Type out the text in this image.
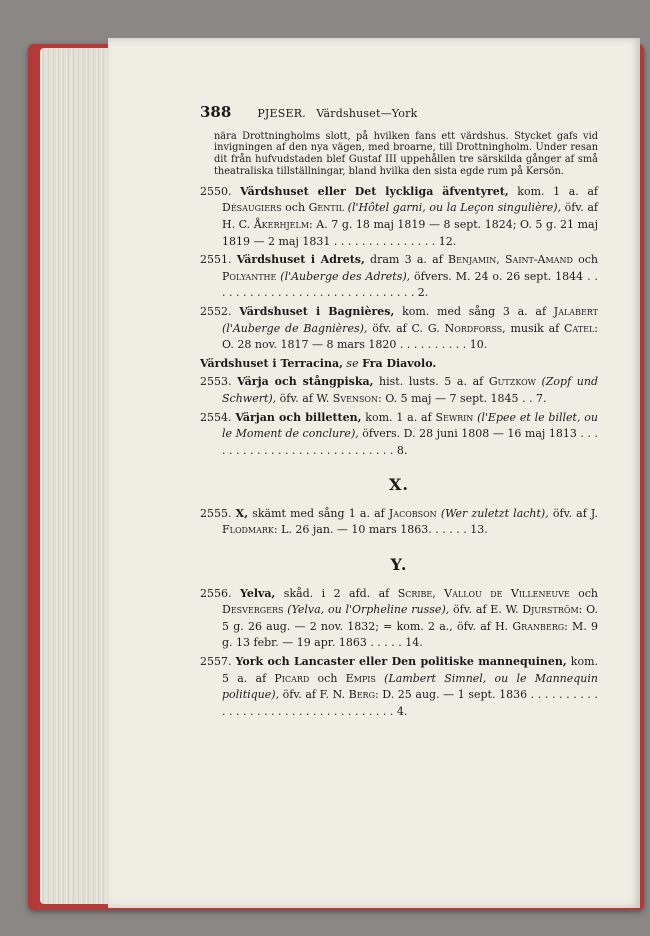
388 PJESER.
Värdshuset—York
nära Drottningholms slott, på hvilken fans ett värdshus. Stycket gafs vid invigningen af den nya vägen, med broarne, till Drottningholm. Under resan dit från hufvudstaden blef Gustaf III uppehållen tre särskilda gånger af små theatraliska tillställningar, bland hvilka den sista egde rum på Kersön.
2550. Värdshuset eller Det lyckliga äfventyret, kom. 1 a. af Désaugiers och Gentil (l'Hôtel garni, ou la Leçon singulière), öfv. af H. C. Åkerhjelm: A. 7 g. 18 maj 1819 — 8 sept. 1824; O. 5 g. 21 maj 1819 — 2 maj 1831 . . . . . . . . . . . . . . . 12.
2551. Värdshuset i Adrets, dram 3 a. af Benjamin, Saint-Amand och Polyanthe (l'Auberge des Adrets), öfvers. M. 24 o. 26 sept. 1844 . . . . . . . . . . . . . . . . . . . . . . . . . . . . . . 2.
2552. Värdshuset i Bagnières, kom. med sång 3 a. af Jalabert (l'Auberge de Bagnières), öfv. af C. G. Nordforss, musik af Catel: O. 28 nov. 1817 — 8 mars 1820 . . . . . . . . . . 10.
Värdshuset i Terracina, se Fra Diavolo.
2553. Värja och stångpiska, hist. lusts. 5 a. af Gutzkow (Zopf und Schwert), öfv. af W. Svenson: O. 5 maj — 7 sept. 1845 . . 7.
2554. Värjan och billetten, kom. 1 a. af Sewrin (l'Epee et le billet, ou le Moment de conclure), öfvers. D. 28 juni 1808 — 16 maj 1813 . . . . . . . . . . . . . . . . . . . . . . . . . . . . 8.
X.
2555. X, skämt med sång 1 a. af Jacobson (Wer zuletzt lacht), öfv. af J. Flodmark: L. 26 jan. — 10 mars 1863. . . . . . 13.
Y.
2556. Yelva, skåd. i 2 afd. af Scribe, Vallou de Villeneuve och Desvergers (Yelva, ou l'Orpheline russe), öfv. af E. W. Djurström: O. 5 g. 26 aug. — 2 nov. 1832; = kom. 2 a., öfv. af H. Granberg: M. 9 g. 13 febr. — 19 apr. 1863 . . . . . 14.
2557. York och Lancaster eller Den politiske mannequinen, kom. 5 a. af Picard och Empis (Lambert Simnel, ou le Mannequin politique), öfv. af F. N. Berg: D. 25 aug. — 1 sept. 1836 . . . . . . . . . . . . . . . . . . . . . . . . . . . . . . . . . . . 4.
